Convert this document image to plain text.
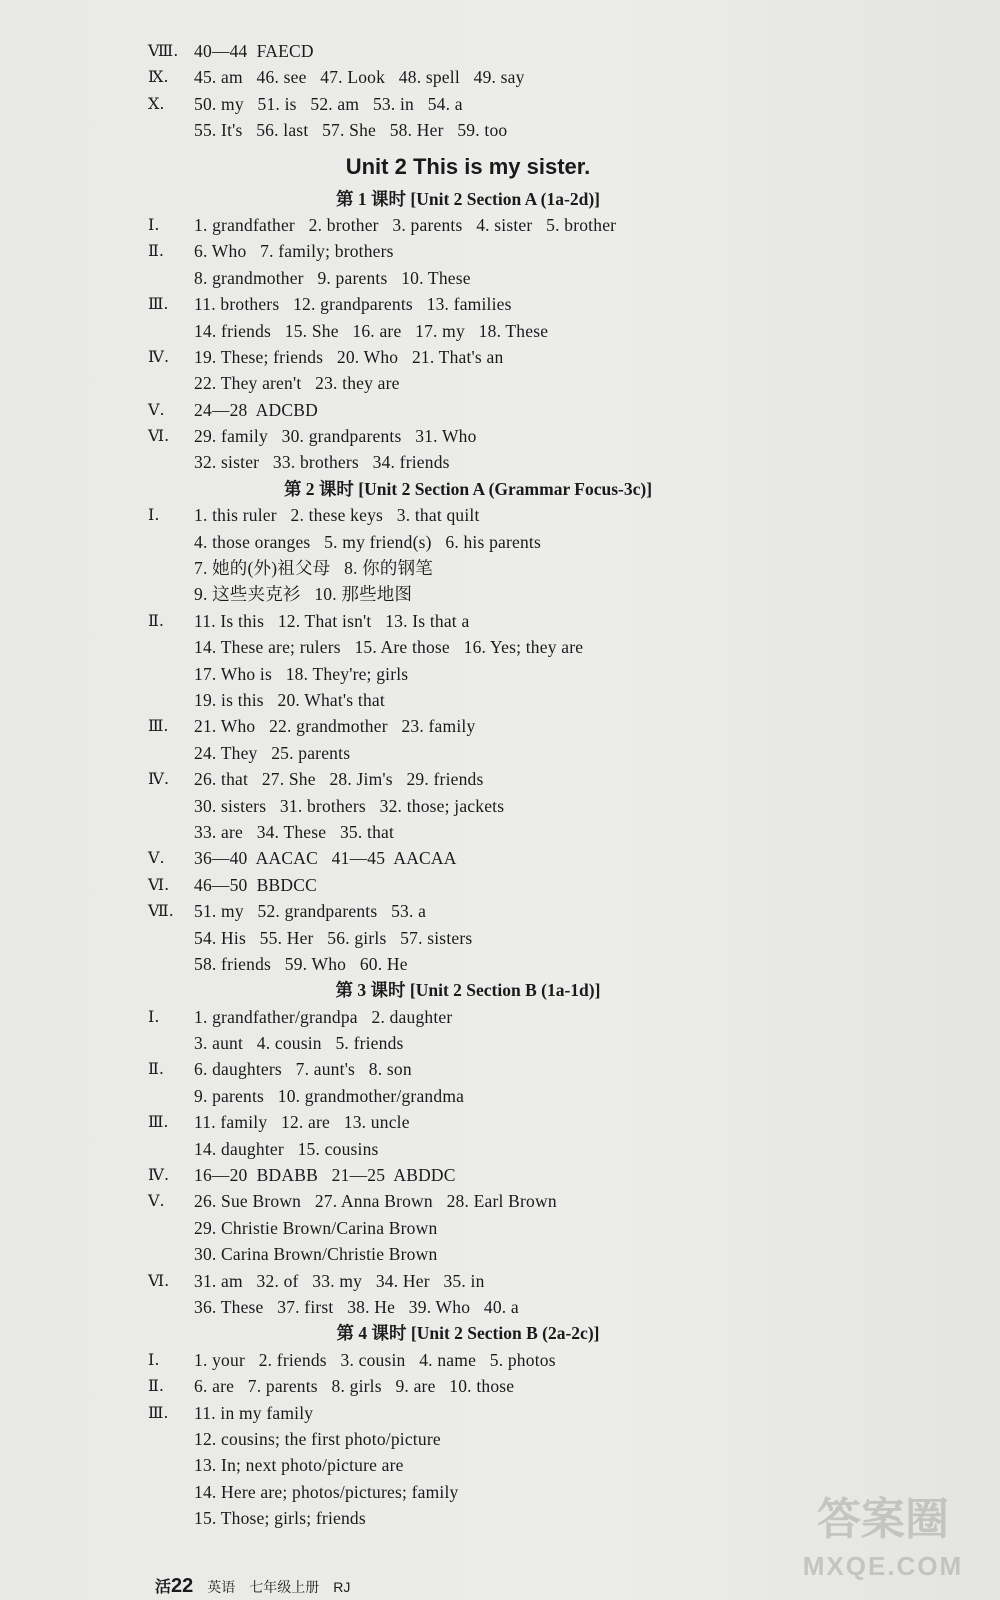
Ⅷ. 40—44  FAECD
Ⅸ.	45. am   46. see   47. Look   48. spell   49. say
Ⅹ.	50. my   51. is   52. am   53. in   54. a
55. It's   56. last   57. She   58. Her   59. too
Unit 2 This is my sister.
第 1 课时 [Unit 2 Section A (1a-2d)]
Ⅰ.	1. grandfather   2. brother   3. parents   4. sister   5. brother
Ⅱ.	6. Who   7. family; brothers
8. grandmother   9. parents   10. These
Ⅲ.	11. brothers   12. grandparents   13. families
14. friends   15. She   16. are   17. my   18. These
Ⅳ.	19. These; friends   20. Who   21. That's an
22. They aren't   23. they are
Ⅴ.	24—28  ADCBD
Ⅵ.	29. family   30. grandparents   31. Who
32. sister   33. brothers   34. friends
第 2 课时 [Unit 2 Section A (Grammar Focus-3c)]
Ⅰ.	1. this ruler   2. these keys   3. that quilt
4. those oranges   5. my friend(s)   6. his parents
7. 她的(外)祖父母   8. 你的钢笔
9. 这些夹克衫   10. 那些地图
Ⅱ.	11. Is this   12. That isn't   13. Is that a
14. These are; rulers   15. Are those   16. Yes; they are
17. Who is   18. They're; girls
19. is this   20. What's that
Ⅲ.	21. Who   22. grandmother   23. family
24. They   25. parents
Ⅳ.	26. that   27. She   28. Jim's   29. friends
30. sisters   31. brothers   32. those; jackets
33. are   34. These   35. that
Ⅴ.	36—40  AACAC   41—45  AACAA
Ⅵ.	46—50  BBDCC
Ⅶ.	51. my   52. grandparents   53. a
54. His   55. Her   56. girls   57. sisters
58. friends   59. Who   60. He
第 3 课时 [Unit 2 Section B (1a-1d)]
Ⅰ.	1. grandfather/grandpa   2. daughter
3. aunt   4. cousin   5. friends
Ⅱ.	6. daughters   7. aunt's   8. son
9. parents   10. grandmother/grandma
Ⅲ.	11. family   12. are   13. uncle
14. daughter   15. cousins
Ⅳ.	16—20  BDABB   21—25  ABDDC
Ⅴ.	26. Sue Brown   27. Anna Brown   28. Earl Brown
29. Christie Brown/Carina Brown
30. Carina Brown/Christie Brown
Ⅵ.	31. am   32. of   33. my   34. Her   35. in
36. These   37. first   38. He   39. Who   40. a
第 4 课时 [Unit 2 Section B (2a-2c)]
Ⅰ.	1. your   2. friends   3. cousin   4. name   5. photos
Ⅱ.	6. are   7. parents   8. girls   9. are   10. those
Ⅲ.	11. in my family
12. cousins; the first photo/picture
13. In; next photo/picture are
14. Here are; photos/pictures; family
15. Those; girls; friends
活22 英语 七年级上册 RJ
答案圈
MXQE.COM
